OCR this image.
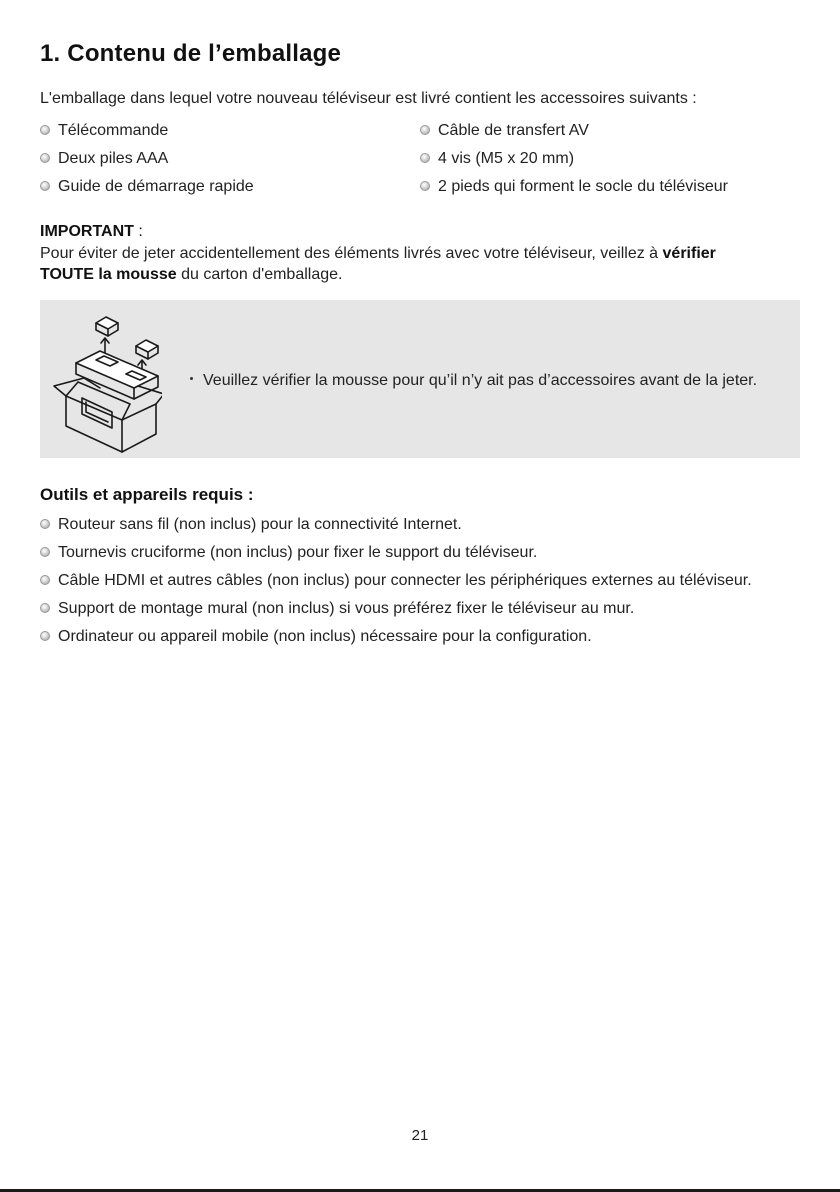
1. Contenu de l’emballage

L'emballage dans lequel votre nouveau téléviseur est livré contient les accessoires suivants :

Télécommande
Deux piles AAA
Guide de démarrage rapide
Câble de transfert AV
4 vis (M5 x 20 mm)
2 pieds qui forment le socle du téléviseur
IMPORTANT :

Pour éviter de jeter accidentellement des éléments livrés avec votre téléviseur, veillez à vérifier
TOUTE la mousse du carton d'emballage.

Veuillez vérifier la mousse pour qu’il n’y ait pas d’accessoires avant de la jeter.
Outils et appareils requis :
Routeur sans fil (non inclus) pour la connectivité Internet.
Tournevis cruciforme (non inclus) pour fixer le support du téléviseur.
Câble HDMI et autres câbles (non inclus) pour connecter les périphériques externes au téléviseur.
Support de montage mural (non inclus) si vous préférez fixer le téléviseur au mur.
Ordinateur ou appareil mobile (non inclus) nécessaire pour la configuration.
21
